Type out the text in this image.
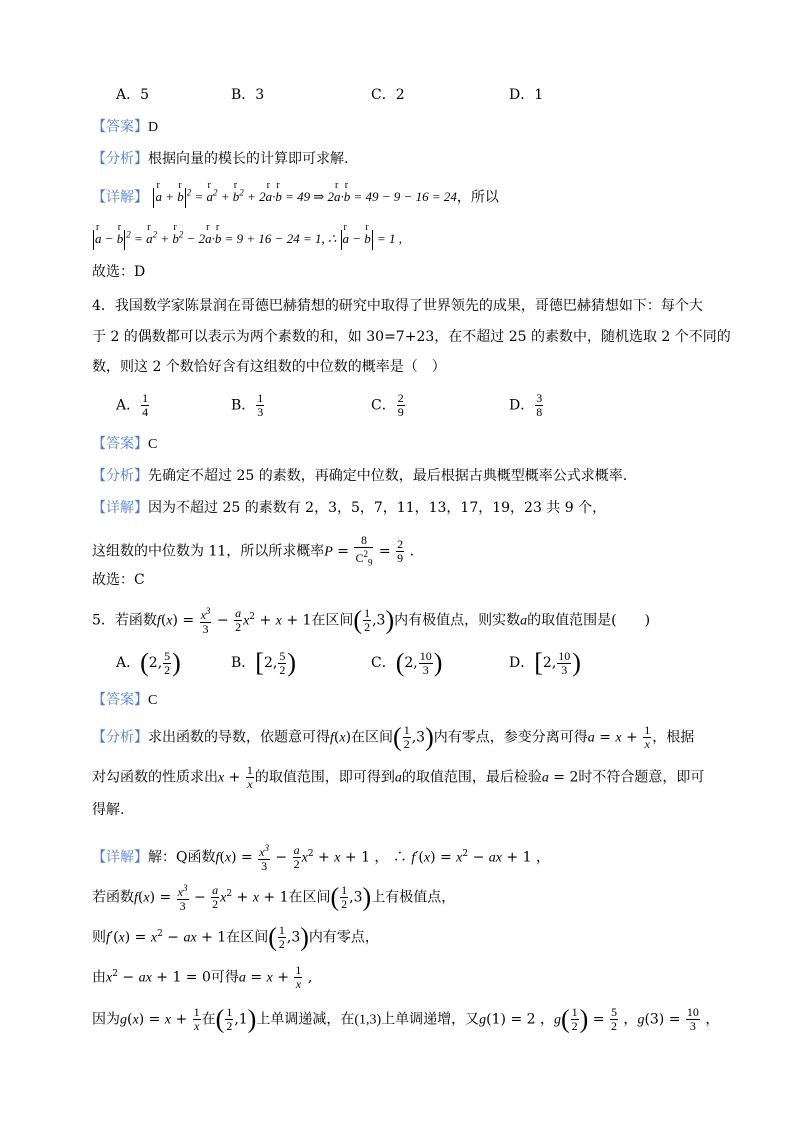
A．5	B．3	C．2	D．1
【答案】D
【分析】根据向量的模长的计算即可求解.
【详解】 r a + r b $^2$ = r $a^2 + r$ $b^2 + 2r$ a·r b = 49 ⇒ 2r a·r b = 49 − 9 − 16 = 24，所以
r a − r b $^2$ = r $a^2 + r$ $b^2 - 2r$ a·r b = 9 + 16 − 24 = 1, ∴ r a − r b = 1 ,
故选：D
4．我国数学家陈景润在哥德巴赫猜想的研究中取得了世界领先的成果，哥德巴赫猜想如下：每个大
于 2 的偶数都可以表示为两个素数的和，如 30=7+23，在不超过 25 的素数中，随机选取 2 个不同的
数，则这 2 个数恰好含有这组数的中位数的概率是（　）
A． $\frac{1}{4}$	B． $\frac{1}{3}$	C． $\frac{2}{9}$	D． $\frac{3}{8}$
【答案】C
【分析】先确定不超过 25 的素数，再确定中位数，最后根据古典概型概率公式求概率.
【详解】因为不超过 25 的素数有 2，3，5，7，11，13，17，19，23 共 9 个，
这组数的中位数为 11，所以所求概率$P = \frac{8}{C^2_9} = \frac{2}{9}$ .
故选：C
5．若函数$f(x) = \frac{x^3}{3} - \frac{a}{2} x^2 + x + 1$在区间( $\frac{1}{2} ,3$)内有极值点，则实数a的取值范围是(　　)
A．(2, $\frac{5}{2}$ )	B．[2, $\frac{5}{2}$ )	C．(2, $\frac{10}{3}$ )	D．[2, $\frac{10}{3}$ )
【答案】C
【分析】求出函数的导数，依题意可得f(x)在区间( $\frac{1}{2} ,3$)内有零点，参变分离可得$a = x + \frac{1}{x}$ ，根据
对勾函数的性质求出$x + \frac{1}{x}$ 的取值范围，即可得到a的取值范围，最后检验a = 2时不符合题意，即可
得解.
【详解】解：Q函数$f(x) = \frac{x^3}{3} - \frac{a}{2} x^2 + x + 1$ ， ∴ $f'(x) = x^2$ − ax + 1 ，
若函数$f(x) = \frac{x^3}{3} - \frac{a}{2} x^2 + x + 1$在区间( $\frac{1}{2} ,3$)上有极值点，
则$f'(x) = x^2$ − ax + 1在区间( $\frac{1}{2} ,3$)内有零点，
由$x^2$ − ax + 1 = 0可得$a = x + \frac{1}{x}$ ,
因为$g(x) = x + \frac{1}{x}$ 在( $\frac{1}{2} ,1$)上单调递减，在(1,3)上单调递增，又g(1) = 2 ，$g( \frac{1}{2}$ ) = $\frac{5}{2}$ ，$g(3) = \frac{10}{3}$ ，
